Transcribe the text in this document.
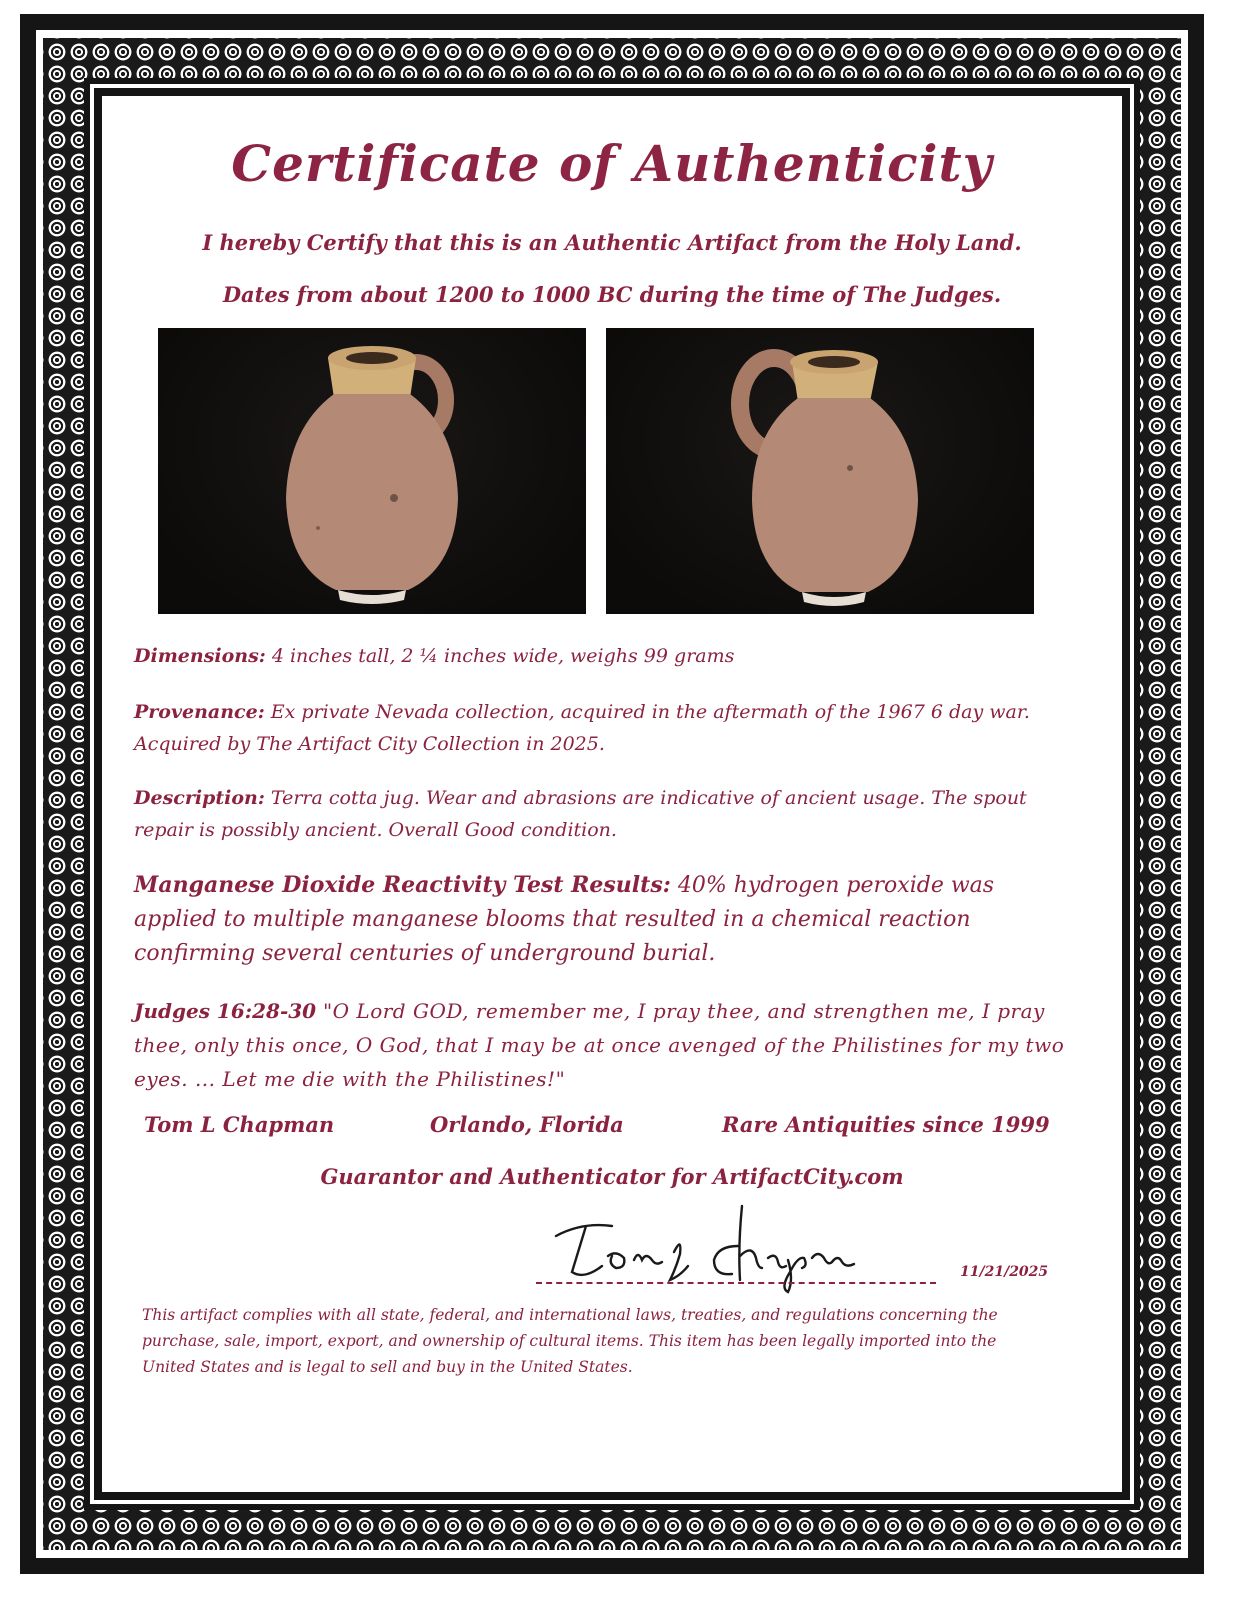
Certificate of Authenticity
I hereby Certify that this is an Authentic Artifact from the Holy Land.
Dates from about 1200 to 1000 BC during the time of The Judges.
Dimensions: 4 inches tall, 2 ¼ inches wide, weighs 99 grams
Provenance: Ex private Nevada collection, acquired in the aftermath of the 1967 6 day war. Acquired by The Artifact City Collection in 2025.
Description: Terra cotta jug. Wear and abrasions are indicative of ancient usage. The spout repair is possibly ancient. Overall Good condition.
Manganese Dioxide Reactivity Test Results: 40% hydrogen peroxide was applied to multiple manganese blooms that resulted in a chemical reaction confirming several centuries of underground burial.
Judges 16:28-30 "O Lord GOD, remember me, I pray thee, and strengthen me, I pray thee, only this once, O God, that I may be at once avenged of the Philistines for my two eyes. ... Let me die with the Philistines!"
Tom L Chapman	Orlando, Florida	Rare Antiquities since 1999
Guarantor and Authenticator for ArtifactCity.com
11/21/2025
This artifact complies with all state, federal, and international laws, treaties, and regulations concerning the purchase, sale, import, export, and ownership of cultural items. This item has been legally imported into the United States and is legal to sell and buy in the United States.
